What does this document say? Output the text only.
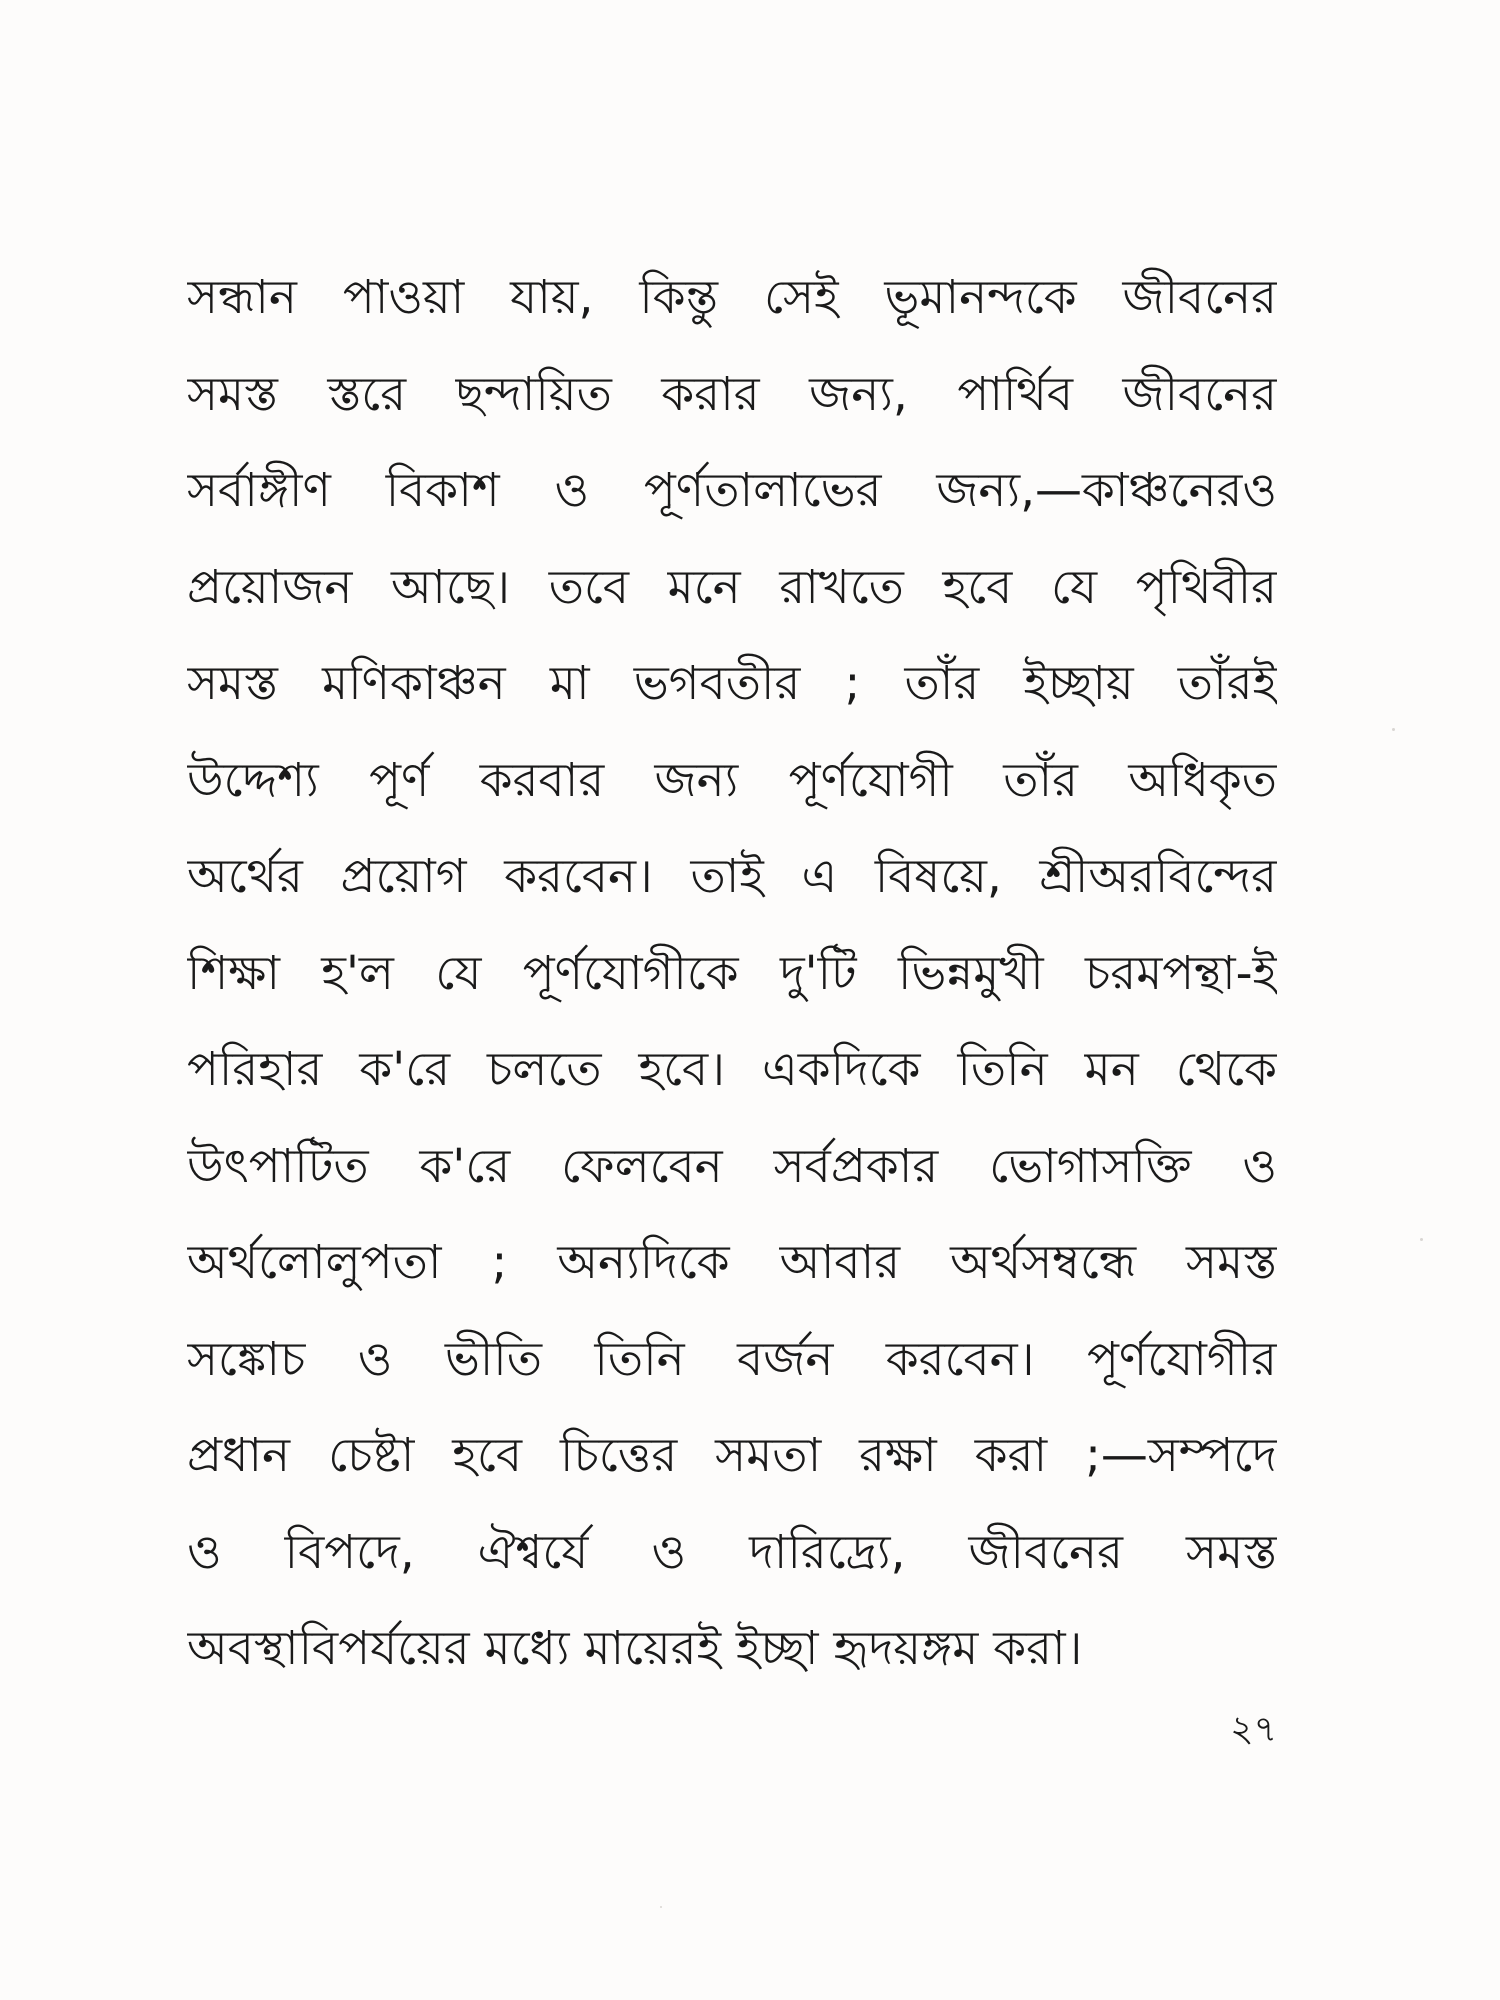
সন্ধান পাওয়া যায়, কিন্তু সেই ভূমানন্দকে জীবনের
সমস্ত স্তরে ছন্দায়িত করার জন্য, পার্থিব জীবনের
সর্বাঙ্গীণ বিকাশ ও পূর্ণতালাভের জন্য,—কাঞ্চনেরও
প্রয়োজন আছে। তবে মনে রাখতে হবে যে পৃথিবীর
সমস্ত মণিকাঞ্চন মা ভগবতীর ; তাঁর ইচ্ছায় তাঁরই
উদ্দেশ্য পূর্ণ করবার জন্য পূর্ণযোগী তাঁর অধিকৃত
অর্থের প্রয়োগ করবেন। তাই এ বিষয়ে, শ্রীঅরবিন্দের
শিক্ষা হ'ল যে পূর্ণযোগীকে দু'টি ভিন্নমুখী চরমপন্থা-ই
পরিহার ক'রে চলতে হবে। একদিকে তিনি মন থেকে
উৎপাটিত ক'রে ফেলবেন সর্বপ্রকার ভোগাসক্তি ও
অর্থলোলুপতা ; অন্যদিকে আবার অর্থসম্বন্ধে সমস্ত
সঙ্কোচ ও ভীতি তিনি বর্জন করবেন। পূর্ণযোগীর
প্রধান চেষ্টা হবে চিত্তের সমতা রক্ষা করা ;—সম্পদে
ও বিপদে, ঐশ্বর্যে ও দারিদ্র্যে, জীবনের সমস্ত
অবস্থাবিপর্যয়ের মধ্যে মায়েরই ইচ্ছা হৃদয়ঙ্গম করা।
২৭
